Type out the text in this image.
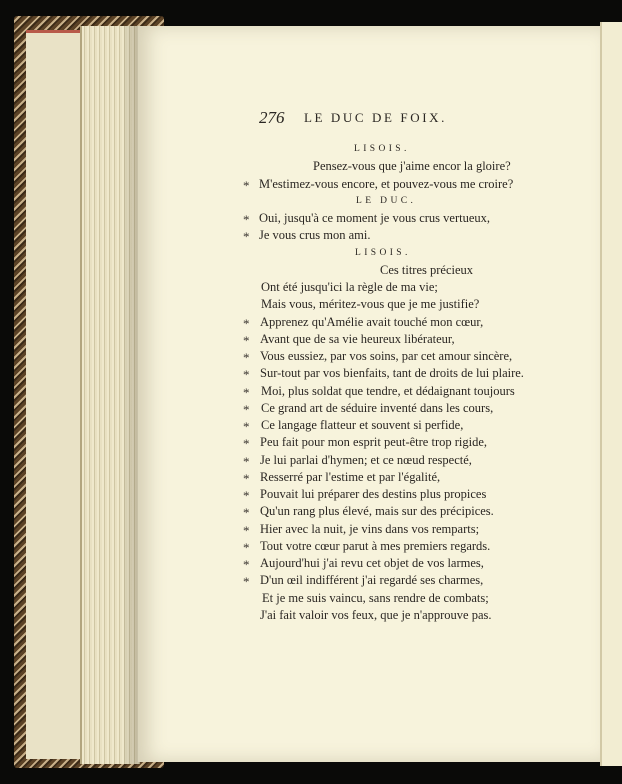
276 LE DUC DE FOIX.
LISOIS.
Pensez-vous que j'aime encor la gloire?
M'estimez-vous encore, et pouvez-vous me croire?
*
LE DUC.
Oui, jusqu'à ce moment je vous crus vertueux,
*
Je vous crus mon ami.
*
LISOIS.
Ces titres précieux
Ont été jusqu'ici la règle de ma vie;
Mais vous, méritez-vous que je me justifie?
Apprenez qu'Amélie avait touché mon cœur,
*
Avant que de sa vie heureux libérateur,
*
Vous eussiez, par vos soins, par cet amour sincère,
*
Sur-tout par vos bienfaits, tant de droits de lui plaire.
*
Moi, plus soldat que tendre, et dédaignant toujours
*
Ce grand art de séduire inventé dans les cours,
*
Ce langage flatteur et souvent si perfide,
*
Peu fait pour mon esprit peut-être trop rigide,
*
Je lui parlai d'hymen; et ce nœud respecté,
*
Resserré par l'estime et par l'égalité,
*
Pouvait lui préparer des destins plus propices
*
Qu'un rang plus élevé, mais sur des précipices.
*
Hier avec la nuit, je vins dans vos remparts;
*
Tout votre cœur parut à mes premiers regards.
*
Aujourd'hui j'ai revu cet objet de vos larmes,
*
D'un œil indifférent j'ai regardé ses charmes,
*
Et je me suis vaincu, sans rendre de combats;
J'ai fait valoir vos feux, que je n'approuve pas.
